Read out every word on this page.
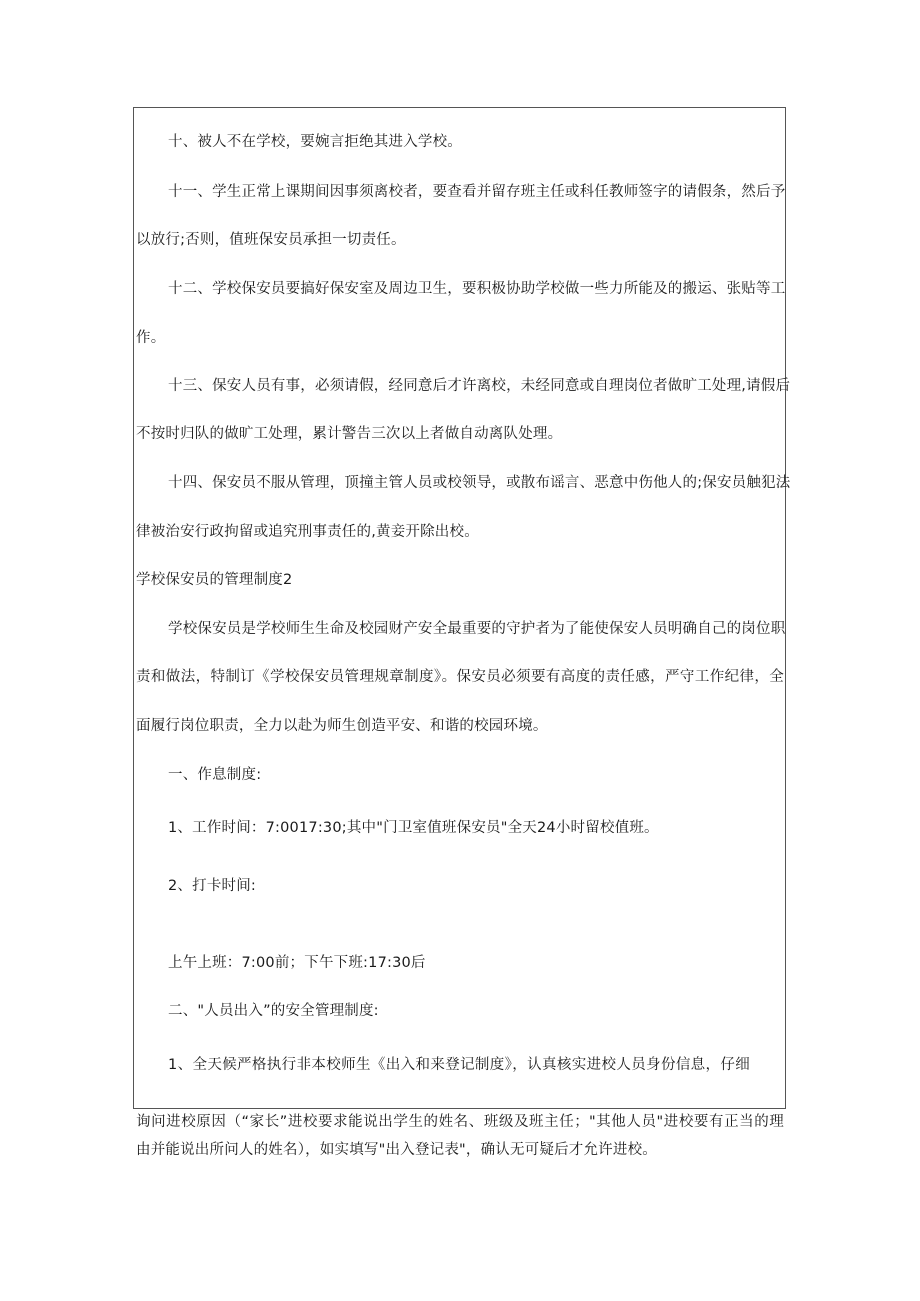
十、被人不在学校，要婉言拒绝其进入学校。

十一、学生正常上课期间因事须离校者，要查看并留存班主任或科任教师签字的请假条，然后予

以放行;否则，值班保安员承担一切责任。

十二、学校保安员要搞好保安室及周边卫生，要积极协助学校做一些力所能及的搬运、张贴等工

作。

十三、保安人员有事，必须请假，经同意后才许离校，未经同意或自理岗位者做旷工处理,请假后

不按时归队的做旷工处理，累计警告三次以上者做自动离队处理。

十四、保安员不服从管理，顶撞主管人员或校领导，或散布谣言、恶意中伤他人的;保安员触犯法

律被治安行政拘留或追究刑事责任的,黄妾开除出校。

学校保安员的管理制度2

学校保安员是学校师生生命及校园财产安全最重要的守护者为了能使保安人员明确自己的岗位职

责和做法，特制订《学校保安员管理规章制度》。保安员必须要有高度的责任感，严守工作纪律，全

面履行岗位职责，全力以赴为师生创造平安、和谐的校园环境。

一、作息制度:

1、工作时间：7:0017:30;其中"门卫室值班保安员"全天24小时留校值班。

2、打卡时间:

上午上班：7:00前；下午下班:17:30后

二、"人员出入”的安全管理制度:

1、全天候严格执行非本校师生《出入和来登记制度》，认真核实进校人员身份信息，仔细

询问进校原因（“家长”进校要求能说出学生的姓名、班级及班主任；"其他人员"进校要有正当的理

由并能说出所问人的姓名），如实填写"出入登记表"，确认无可疑后才允许进校。
